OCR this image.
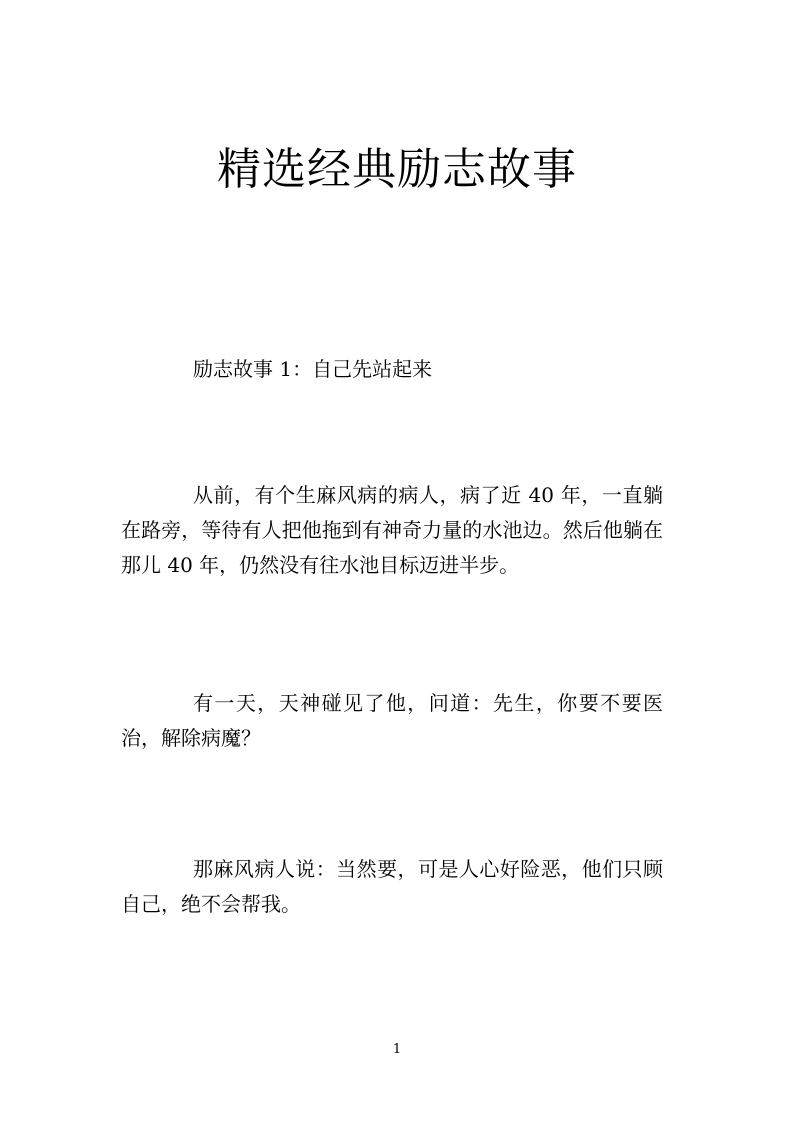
精选经典励志故事

励志故事 1：自己先站起来

从前，有个生麻风病的病人，病了近 40 年，一直躺在路旁，等待有人把他拖到有神奇力量的水池边。然后他躺在那儿 40 年，仍然没有往水池目标迈进半步。

有一天，天神碰见了他，问道：先生，你要不要医治，解除病魔？

那麻风病人说：当然要，可是人心好险恶，他们只顾自己，绝不会帮我。

1
